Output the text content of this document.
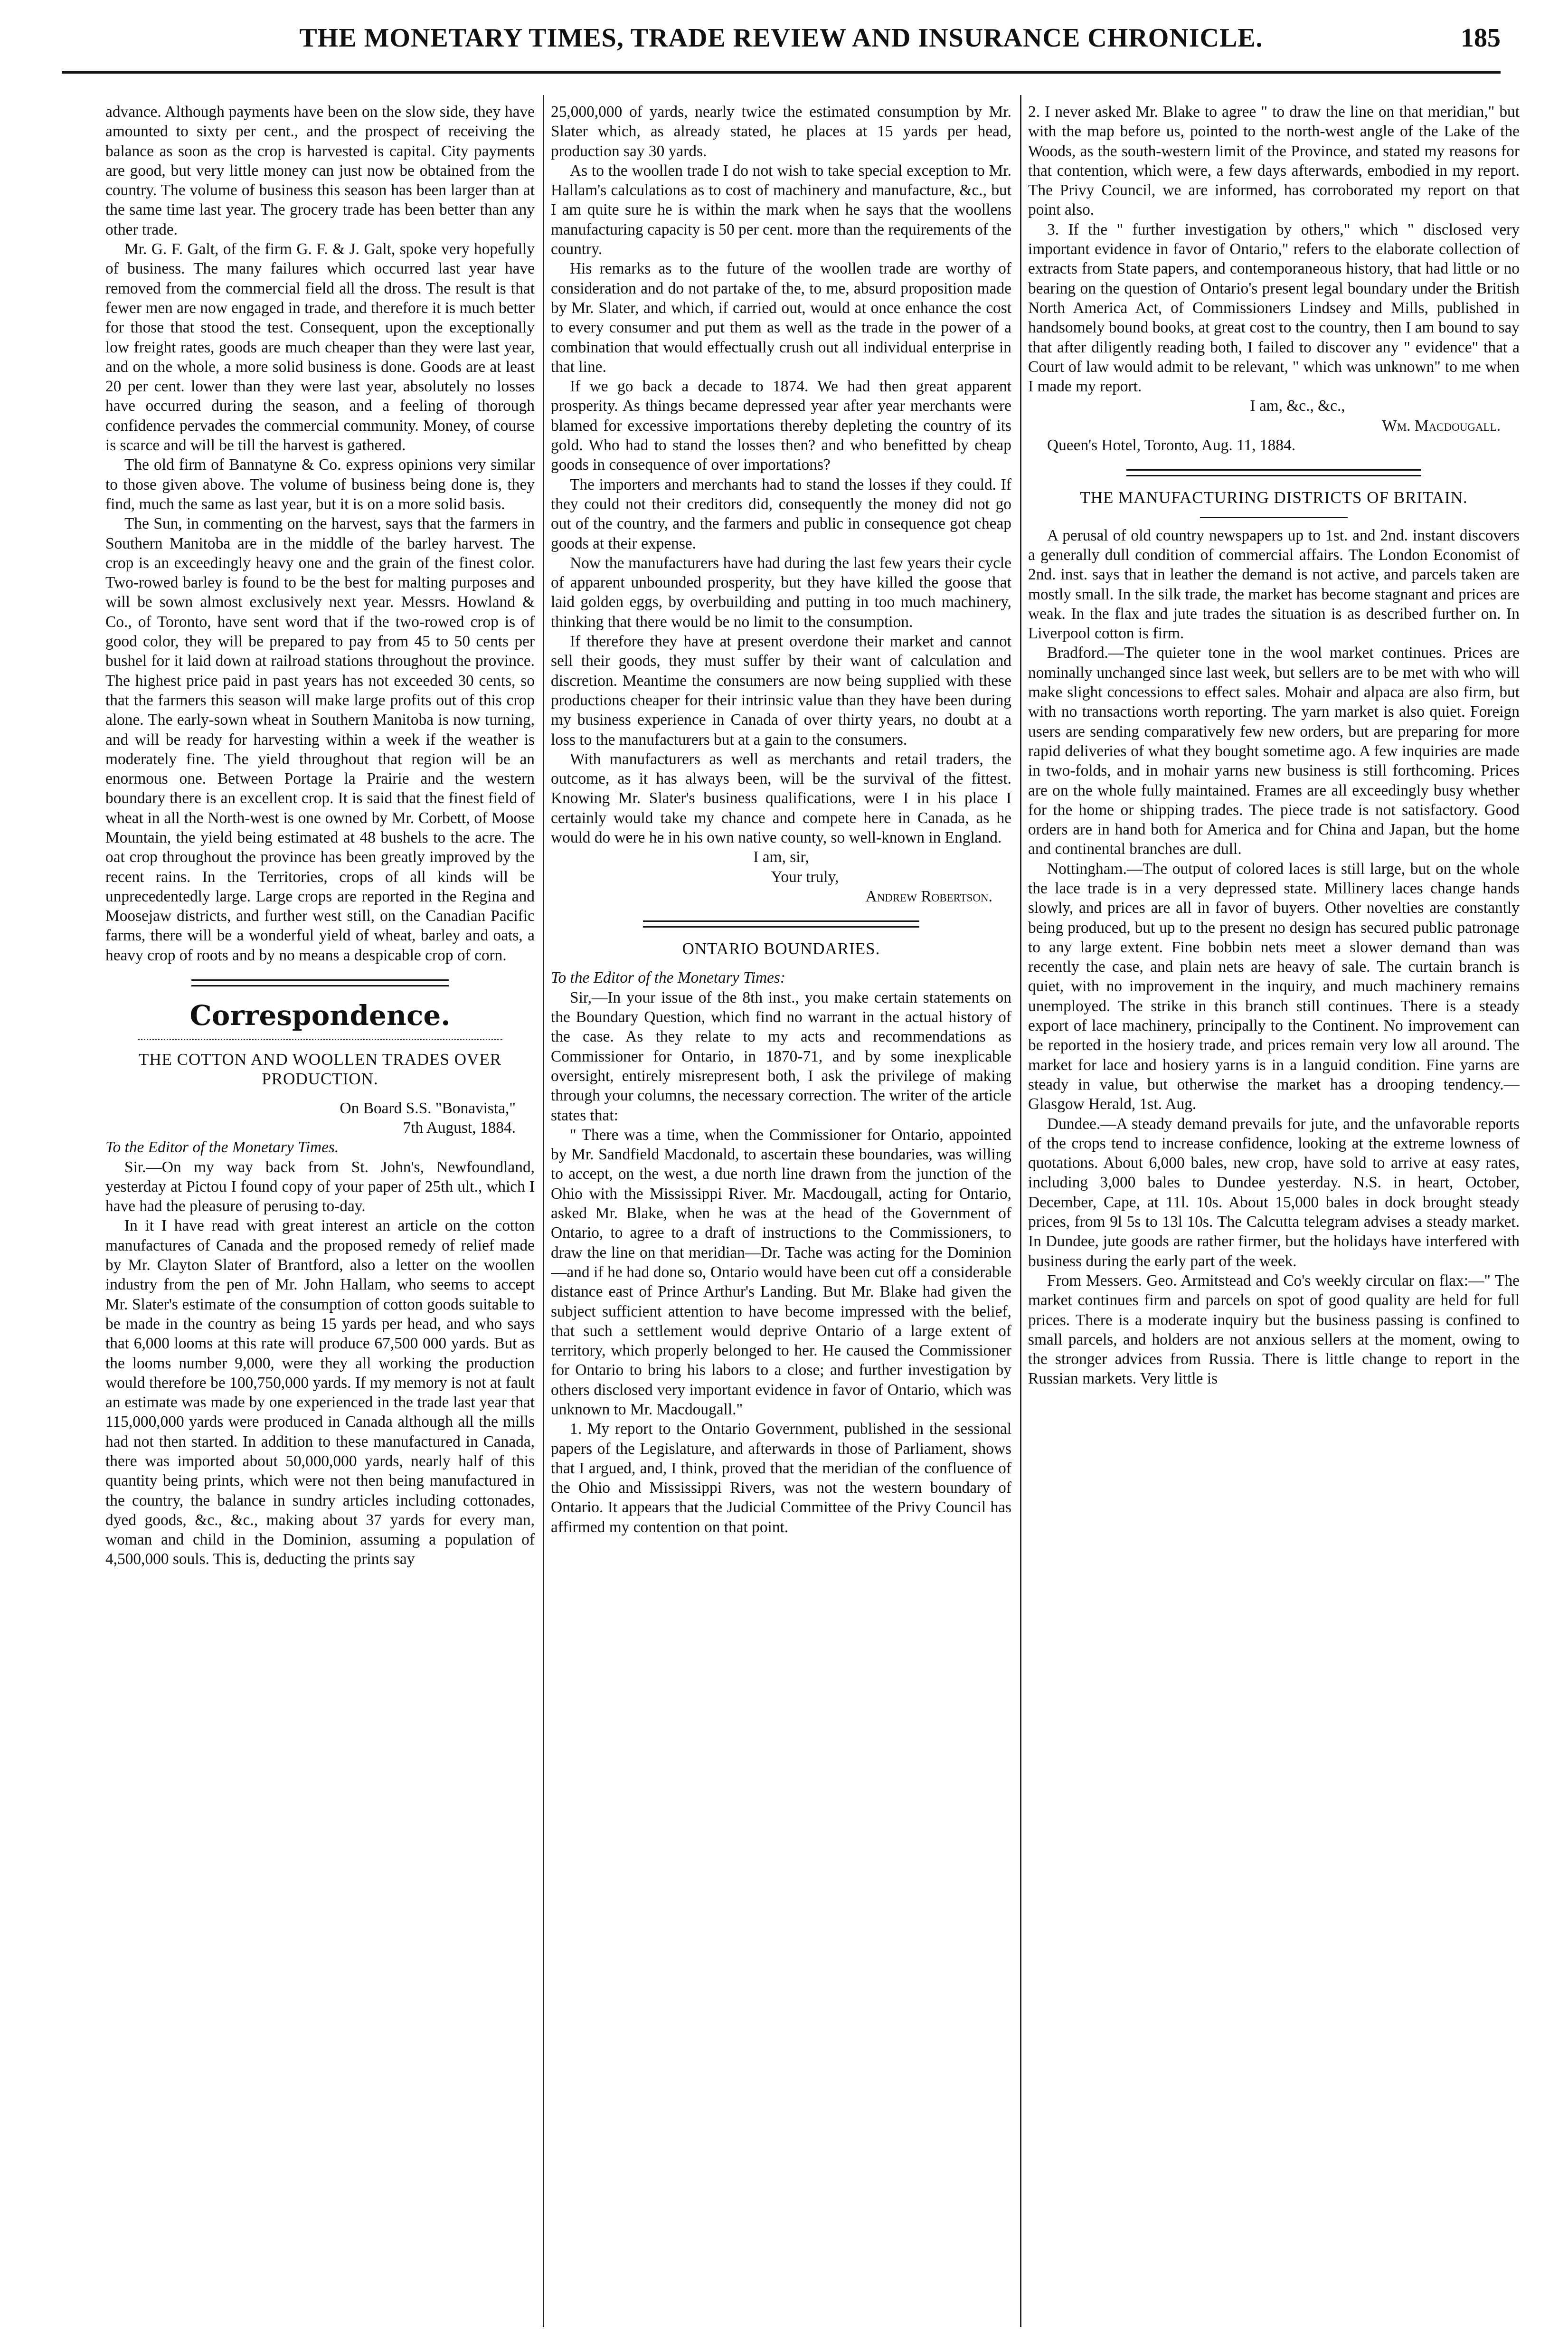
THE MONETARY TIMES, TRADE REVIEW AND INSURANCE CHRONICLE.	185

advance. Although payments have been on the slow side, they have amounted to sixty per cent., and the prospect of receiving the balance as soon as the crop is harvested is capital. City payments are good, but very little money can just now be obtained from the country. The volume of business this season has been larger than at the same time last year. The grocery trade has been better than any other trade.

Mr. G. F. Galt, of the firm G. F. & J. Galt, spoke very hopefully of business. The many failures which occurred last year have removed from the commercial field all the dross. The result is that fewer men are now engaged in trade, and therefore it is much better for those that stood the test. Consequent, upon the exceptionally low freight rates, goods are much cheaper than they were last year, and on the whole, a more solid business is done. Goods are at least 20 per cent. lower than they were last year, absolutely no losses have occurred during the season, and a feeling of thorough confidence pervades the commercial community. Money, of course is scarce and will be till the harvest is gathered.

The old firm of Bannatyne & Co. express opinions very similar to those given above. The volume of business being done is, they find, much the same as last year, but it is on a more solid basis.

The Sun, in commenting on the harvest, says that the farmers in Southern Manitoba are in the middle of the barley harvest. The crop is an exceedingly heavy one and the grain of the finest color. Two-rowed barley is found to be the best for malting purposes and will be sown almost exclusively next year. Messrs. Howland & Co., of Toronto, have sent word that if the two-rowed crop is of good color, they will be prepared to pay from 45 to 50 cents per bushel for it laid down at railroad stations throughout the province. The highest price paid in past years has not exceeded 30 cents, so that the farmers this season will make large profits out of this crop alone. The early-sown wheat in Southern Manitoba is now turning, and will be ready for harvesting within a week if the weather is moderately fine. The yield throughout that region will be an enormous one. Between Portage la Prairie and the western boundary there is an excellent crop. It is said that the finest field of wheat in all the North-west is one owned by Mr. Corbett, of Moose Mountain, the yield being estimated at 48 bushels to the acre. The oat crop throughout the province has been greatly improved by the recent rains. In the Territories, crops of all kinds will be unprecedentedly large. Large crops are reported in the Regina and Moosejaw districts, and further west still, on the Canadian Pacific farms, there will be a wonderful yield of wheat, barley and oats, a heavy crop of roots and by no means a despicable crop of corn.

Correspondence.

THE COTTON AND WOOLLEN TRADES OVER PRODUCTION.

On Board S.S. "Bonavista,"

7th August, 1884.

To the Editor of the Monetary Times.

Sir.—On my way back from St. John's, Newfoundland, yesterday at Pictou I found copy of your paper of 25th ult., which I have had the pleasure of perusing to-day.

In it I have read with great interest an article on the cotton manufactures of Canada and the proposed remedy of relief made by Mr. Clayton Slater of Brantford, also a letter on the woollen industry from the pen of Mr. John Hallam, who seems to accept Mr. Slater's estimate of the consumption of cotton goods suitable to be made in the country as being 15 yards per head, and who says that 6,000 looms at this rate will produce 67,500 000 yards. But as the looms number 9,000, were they all working the production would therefore be 100,750,000 yards. If my memory is not at fault an estimate was made by one experienced in the trade last year that 115,000,000 yards were produced in Canada although all the mills had not then started. In addition to these manufactured in Canada, there was imported about 50,000,000 yards, nearly half of this quantity being prints, which were not then being manufactured in the country, the balance in sundry articles including cottonades, dyed goods, &c., &c., making about 37 yards for every man, woman and child in the Dominion, assuming a population of 4,500,000 souls. This is, deducting the prints say

25,000,000 of yards, nearly twice the estimated consumption by Mr. Slater which, as already stated, he places at 15 yards per head, production say 30 yards.

As to the woollen trade I do not wish to take special exception to Mr. Hallam's calculations as to cost of machinery and manufacture, &c., but I am quite sure he is within the mark when he says that the woollens manufacturing capacity is 50 per cent. more than the requirements of the country.

His remarks as to the future of the woollen trade are worthy of consideration and do not partake of the, to me, absurd proposition made by Mr. Slater, and which, if carried out, would at once enhance the cost to every consumer and put them as well as the trade in the power of a combination that would effectually crush out all individual enterprise in that line.

If we go back a decade to 1874. We had then great apparent prosperity. As things became depressed year after year merchants were blamed for excessive importations thereby depleting the country of its gold. Who had to stand the losses then? and who benefitted by cheap goods in consequence of over importations?

The importers and merchants had to stand the losses if they could. If they could not their creditors did, consequently the money did not go out of the country, and the farmers and public in consequence got cheap goods at their expense.

Now the manufacturers have had during the last few years their cycle of apparent unbounded prosperity, but they have killed the goose that laid golden eggs, by overbuilding and putting in too much machinery, thinking that there would be no limit to the consumption.

If therefore they have at present overdone their market and cannot sell their goods, they must suffer by their want of calculation and discretion. Meantime the consumers are now being supplied with these productions cheaper for their intrinsic value than they have been during my business experience in Canada of over thirty years, no doubt at a loss to the manufacturers but at a gain to the consumers.

With manufacturers as well as merchants and retail traders, the outcome, as it has always been, will be the survival of the fittest. Knowing Mr. Slater's business qualifications, were I in his place I certainly would take my chance and compete here in Canada, as he would do were he in his own native county, so well-known in England.

I am, sir,

Your truly,

Andrew Robertson.

ONTARIO BOUNDARIES.

To the Editor of the Monetary Times:

Sir,—In your issue of the 8th inst., you make certain statements on the Boundary Question, which find no warrant in the actual history of the case. As they relate to my acts and recommendations as Commissioner for Ontario, in 1870-71, and by some inexplicable oversight, entirely misrepresent both, I ask the privilege of making through your columns, the necessary correction. The writer of the article states that:

" There was a time, when the Commissioner for Ontario, appointed by Mr. Sandfield Macdonald, to ascertain these boundaries, was willing to accept, on the west, a due north line drawn from the junction of the Ohio with the Mississippi River. Mr. Macdougall, acting for Ontario, asked Mr. Blake, when he was at the head of the Government of Ontario, to agree to a draft of instructions to the Commissioners, to draw the line on that meridian—Dr. Tache was acting for the Dominion—and if he had done so, Ontario would have been cut off a considerable distance east of Prince Arthur's Landing. But Mr. Blake had given the subject sufficient attention to have become impressed with the belief, that such a settlement would deprive Ontario of a large extent of territory, which properly belonged to her. He caused the Commissioner for Ontario to bring his labors to a close; and further investigation by others disclosed very important evidence in favor of Ontario, which was unknown to Mr. Macdougall."

1. My report to the Ontario Government, published in the sessional papers of the Legislature, and afterwards in those of Parliament, shows that I argued, and, I think, proved that the meridian of the confluence of the Ohio and Mississippi Rivers, was not the western boundary of Ontario. It appears that the Judicial Committee of the Privy Council has affirmed my contention on that point.

2. I never asked Mr. Blake to agree " to draw the line on that meridian," but with the map before us, pointed to the north-west angle of the Lake of the Woods, as the south-western limit of the Province, and stated my reasons for that contention, which were, a few days afterwards, embodied in my report. The Privy Council, we are informed, has corroborated my report on that point also.

3. If the " further investigation by others," which " disclosed very important evidence in favor of Ontario," refers to the elaborate collection of extracts from State papers, and contemporaneous history, that had little or no bearing on the question of Ontario's present legal boundary under the British North America Act, of Commissioners Lindsey and Mills, published in handsomely bound books, at great cost to the country, then I am bound to say that after diligently reading both, I failed to discover any " evidence" that a Court of law would admit to be relevant, " which was unknown" to me when I made my report.

I am, &c., &c.,

Wm. Macdougall.

Queen's Hotel, Toronto, Aug. 11, 1884.

THE MANUFACTURING DISTRICTS OF BRITAIN.

A perusal of old country newspapers up to 1st. and 2nd. instant discovers a generally dull condition of commercial affairs. The London Economist of 2nd. inst. says that in leather the demand is not active, and parcels taken are mostly small. In the silk trade, the market has become stagnant and prices are weak. In the flax and jute trades the situation is as described further on. In Liverpool cotton is firm.

Bradford.—The quieter tone in the wool market continues. Prices are nominally unchanged since last week, but sellers are to be met with who will make slight concessions to effect sales. Mohair and alpaca are also firm, but with no transactions worth reporting. The yarn market is also quiet. Foreign users are sending comparatively few new orders, but are preparing for more rapid deliveries of what they bought sometime ago. A few inquiries are made in two-folds, and in mohair yarns new business is still forthcoming. Prices are on the whole fully maintained. Frames are all exceedingly busy whether for the home or shipping trades. The piece trade is not satisfactory. Good orders are in hand both for America and for China and Japan, but the home and continental branches are dull.

Nottingham.—The output of colored laces is still large, but on the whole the lace trade is in a very depressed state. Millinery laces change hands slowly, and prices are all in favor of buyers. Other novelties are constantly being produced, but up to the present no design has secured public patronage to any large extent. Fine bobbin nets meet a slower demand than was recently the case, and plain nets are heavy of sale. The curtain branch is quiet, with no improvement in the inquiry, and much machinery remains unemployed. The strike in this branch still continues. There is a steady export of lace machinery, principally to the Continent. No improvement can be reported in the hosiery trade, and prices remain very low all around. The market for lace and hosiery yarns is in a languid condition. Fine yarns are steady in value, but otherwise the market has a drooping tendency.—Glasgow Herald, 1st. Aug.

Dundee.—A steady demand prevails for jute, and the unfavorable reports of the crops tend to increase confidence, looking at the extreme lowness of quotations. About 6,000 bales, new crop, have sold to arrive at easy rates, including 3,000 bales to Dundee yesterday. N.S. in heart, October, December, Cape, at 11l. 10s. About 15,000 bales in dock brought steady prices, from 9l 5s to 13l 10s. The Calcutta telegram advises a steady market. In Dundee, jute goods are rather firmer, but the holidays have interfered with business during the early part of the week.

From Messers. Geo. Armitstead and Co's weekly circular on flax:—" The market continues firm and parcels on spot of good quality are held for full prices. There is a moderate inquiry but the business passing is confined to small parcels, and holders are not anxious sellers at the moment, owing to the stronger advices from Russia. There is little change to report in the Russian markets. Very little is
